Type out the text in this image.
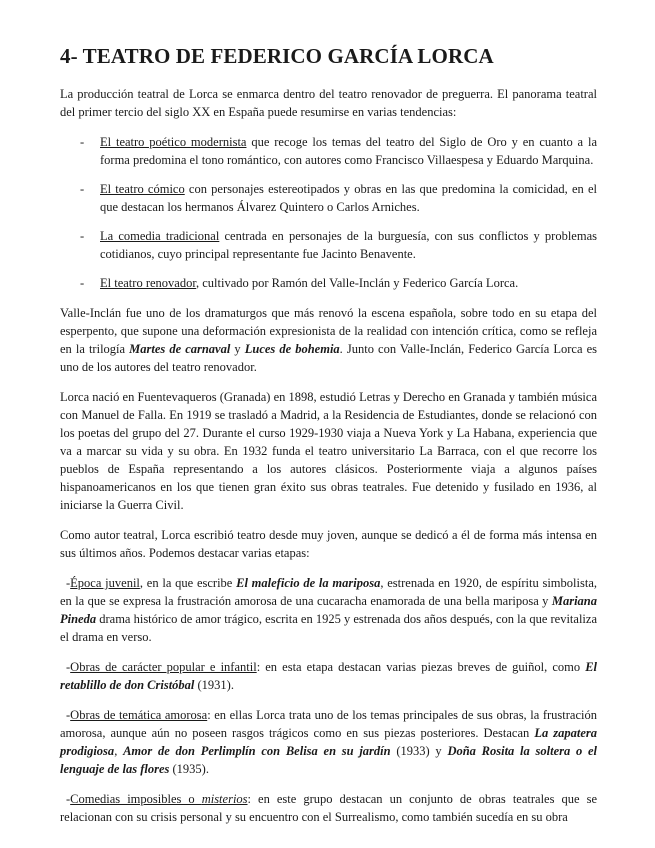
4- TEATRO DE FEDERICO GARCÍA LORCA

La producción teatral de Lorca se enmarca dentro del teatro renovador de preguerra. El panorama teatral del primer tercio del siglo XX en España puede resumirse en varias tendencias:

- El teatro poético modernista que recoge los temas del teatro del Siglo de Oro y en cuanto a la forma predomina el tono romántico, con autores como Francisco Villaespesa y Eduardo Marquina.
- El teatro cómico con personajes estereotipados y obras en las que predomina la comicidad, en el que destacan los hermanos Álvarez Quintero o Carlos Arniches.
- La comedia tradicional centrada en personajes de la burguesía, con sus conflictos y problemas cotidianos, cuyo principal representante fue Jacinto Benavente.
- El teatro renovador, cultivado por Ramón del Valle-Inclán y Federico García Lorca.

Valle-Inclán fue uno de los dramaturgos que más renovó la escena española, sobre todo en su etapa del esperpento, que supone una deformación expresionista de la realidad con intención crítica, como se refleja en la trilogía Martes de carnaval y Luces de bohemia. Junto con Valle-Inclán, Federico García Lorca es uno de los autores del teatro renovador.

Lorca nació en Fuentevaqueros (Granada) en 1898, estudió Letras y Derecho en Granada y también música con Manuel de Falla. En 1919 se trasladó a Madrid, a la Residencia de Estudiantes, donde se relacionó con los poetas del grupo del 27. Durante el curso 1929-1930 viaja a Nueva York y La Habana, experiencia que va a marcar su vida y su obra. En 1932 funda el teatro universitario La Barraca, con el que recorre los pueblos de España representando a los autores clásicos. Posteriormente viaja a algunos países hispanoamericanos en los que tienen gran éxito sus obras teatrales. Fue detenido y fusilado en 1936, al iniciarse la Guerra Civil.

Como autor teatral, Lorca escribió teatro desde muy joven, aunque se dedicó a él de forma más intensa en sus últimos años. Podemos destacar varias etapas:

-Época juvenil, en la que escribe El maleficio de la mariposa, estrenada en 1920, de espíritu simbolista, en la que se expresa la frustración amorosa de una cucaracha enamorada de una bella mariposa y Mariana Pineda drama histórico de amor trágico, escrita en 1925 y estrenada dos años después, con la que revitaliza el drama en verso.

-Obras de carácter popular e infantil: en esta etapa destacan varias piezas breves de guiñol, como El retablillo de don Cristóbal (1931).

-Obras de temática amorosa: en ellas Lorca trata uno de los temas principales de sus obras, la frustración amorosa, aunque aún no poseen rasgos trágicos como en sus piezas posteriores. Destacan La zapatera prodigiosa, Amor de don Perlimplín con Belisa en su jardín (1933) y Doña Rosita la soltera o el lenguaje de las flores (1935).

-Comedias imposibles o misterios: en este grupo destacan un conjunto de obras teatrales que se relacionan con su crisis personal y su encuentro con el Surrealismo, como también sucedía en su obra
